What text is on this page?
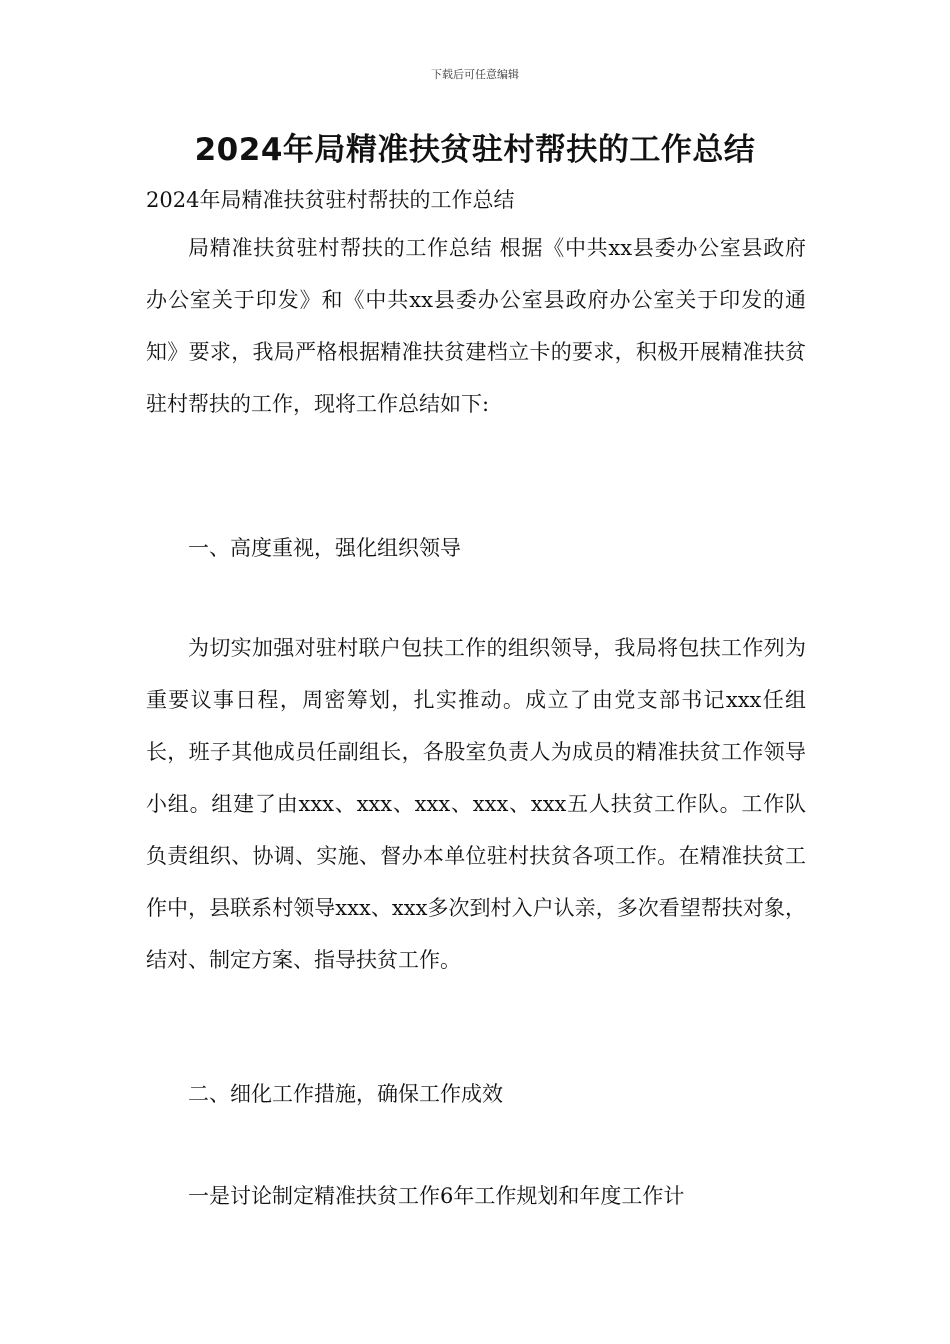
下载后可任意编辑
2024年局精准扶贫驻村帮扶的工作总结
2024年局精准扶贫驻村帮扶的工作总结

局精准扶贫驻村帮扶的工作总结 根据《中共xx县委办公室县政府办公室关于印发》和《中共xx县委办公室县政府办公室关于印发的通知》要求，我局严格根据精准扶贫建档立卡的要求，积极开展精准扶贫驻村帮扶的工作，现将工作总结如下:

一、高度重视，强化组织领导

为切实加强对驻村联户包扶工作的组织领导，我局将包扶工作列为重要议事日程，周密筹划，扎实推动。成立了由党支部书记xxx任组长，班子其他成员任副组长，各股室负责人为成员的精准扶贫工作领导小组。组建了由xxx、xxx、xxx、xxx、xxx五人扶贫工作队。工作队负责组织、协调、实施、督办本单位驻村扶贫各项工作。在精准扶贫工作中，县联系村领导xxx、xxx多次到村入户认亲，多次看望帮扶对象，结对、制定方案、指导扶贫工作。

二、细化工作措施，确保工作成效

一是讨论制定精准扶贫工作6年工作规划和年度工作计
